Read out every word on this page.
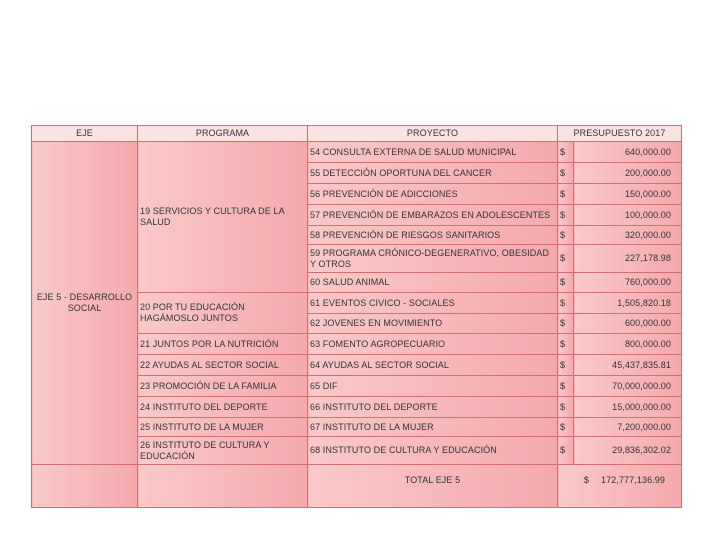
EJE	PROGRAMA	PROYECTO	PRESUPUESTO 2017	
EJE 5 - DESARROLLO SOCIAL	19 SERVICIOS Y CULTURA DE LA SALUD	54 CONSULTA EXTERNA DE SALUD MUNICIPAL	$	640,000.00
		55 DETECCIÓN OPORTUNA DEL CANCER	$	200,000.00
		56 PREVENCIÓN DE ADICCIONES	$	150,000.00
		57 PREVENCIÓN DE EMBARAZOS EN ADOLESCENTES	$	100,000.00
		58 PREVENCIÓN DE RIESGOS SANITARIOS	$	320,000.00
		59 PROGRAMA CRÓNICO-DEGENERATIVO, OBESIDAD Y OTROS	$	227,178.98
		60 SALUD ANIMAL	$	760,000.00
	20 POR TU EDUCACIÓN HAGÁMOSLO JUNTOS	61 EVENTOS CIVICO - SOCIALES	$	1,505,820.18
		62 JOVENES EN MOVIMIENTO	$	600,000.00
	21 JUNTOS POR LA NUTRICIÓN	63 FOMENTO AGROPECUARIO	$	800,000.00
	22 AYUDAS AL SECTOR SOCIAL	64 AYUDAS AL SECTOR SOCIAL	$	45,437,835.81
	23 PROMOCIÓN DE LA FAMILIA	65 DIF	$	70,000,000.00
	24 INSTITUTO DEL DEPORTE	66 INSTITUTO DEL DEPORTE	$	15,000,000.00
	25 INSTITUTO DE LA MUJER	67 INSTITUTO DE LA MUJER	$	7,200,000.00
	26 INSTITUTO DE CULTURA Y EDUCACIÓN	68 INSTITUTO DE CULTURA Y EDUCACIÓN	$	29,836,302.02
		TOTAL EJE 5	$ 172,777,136.99	
